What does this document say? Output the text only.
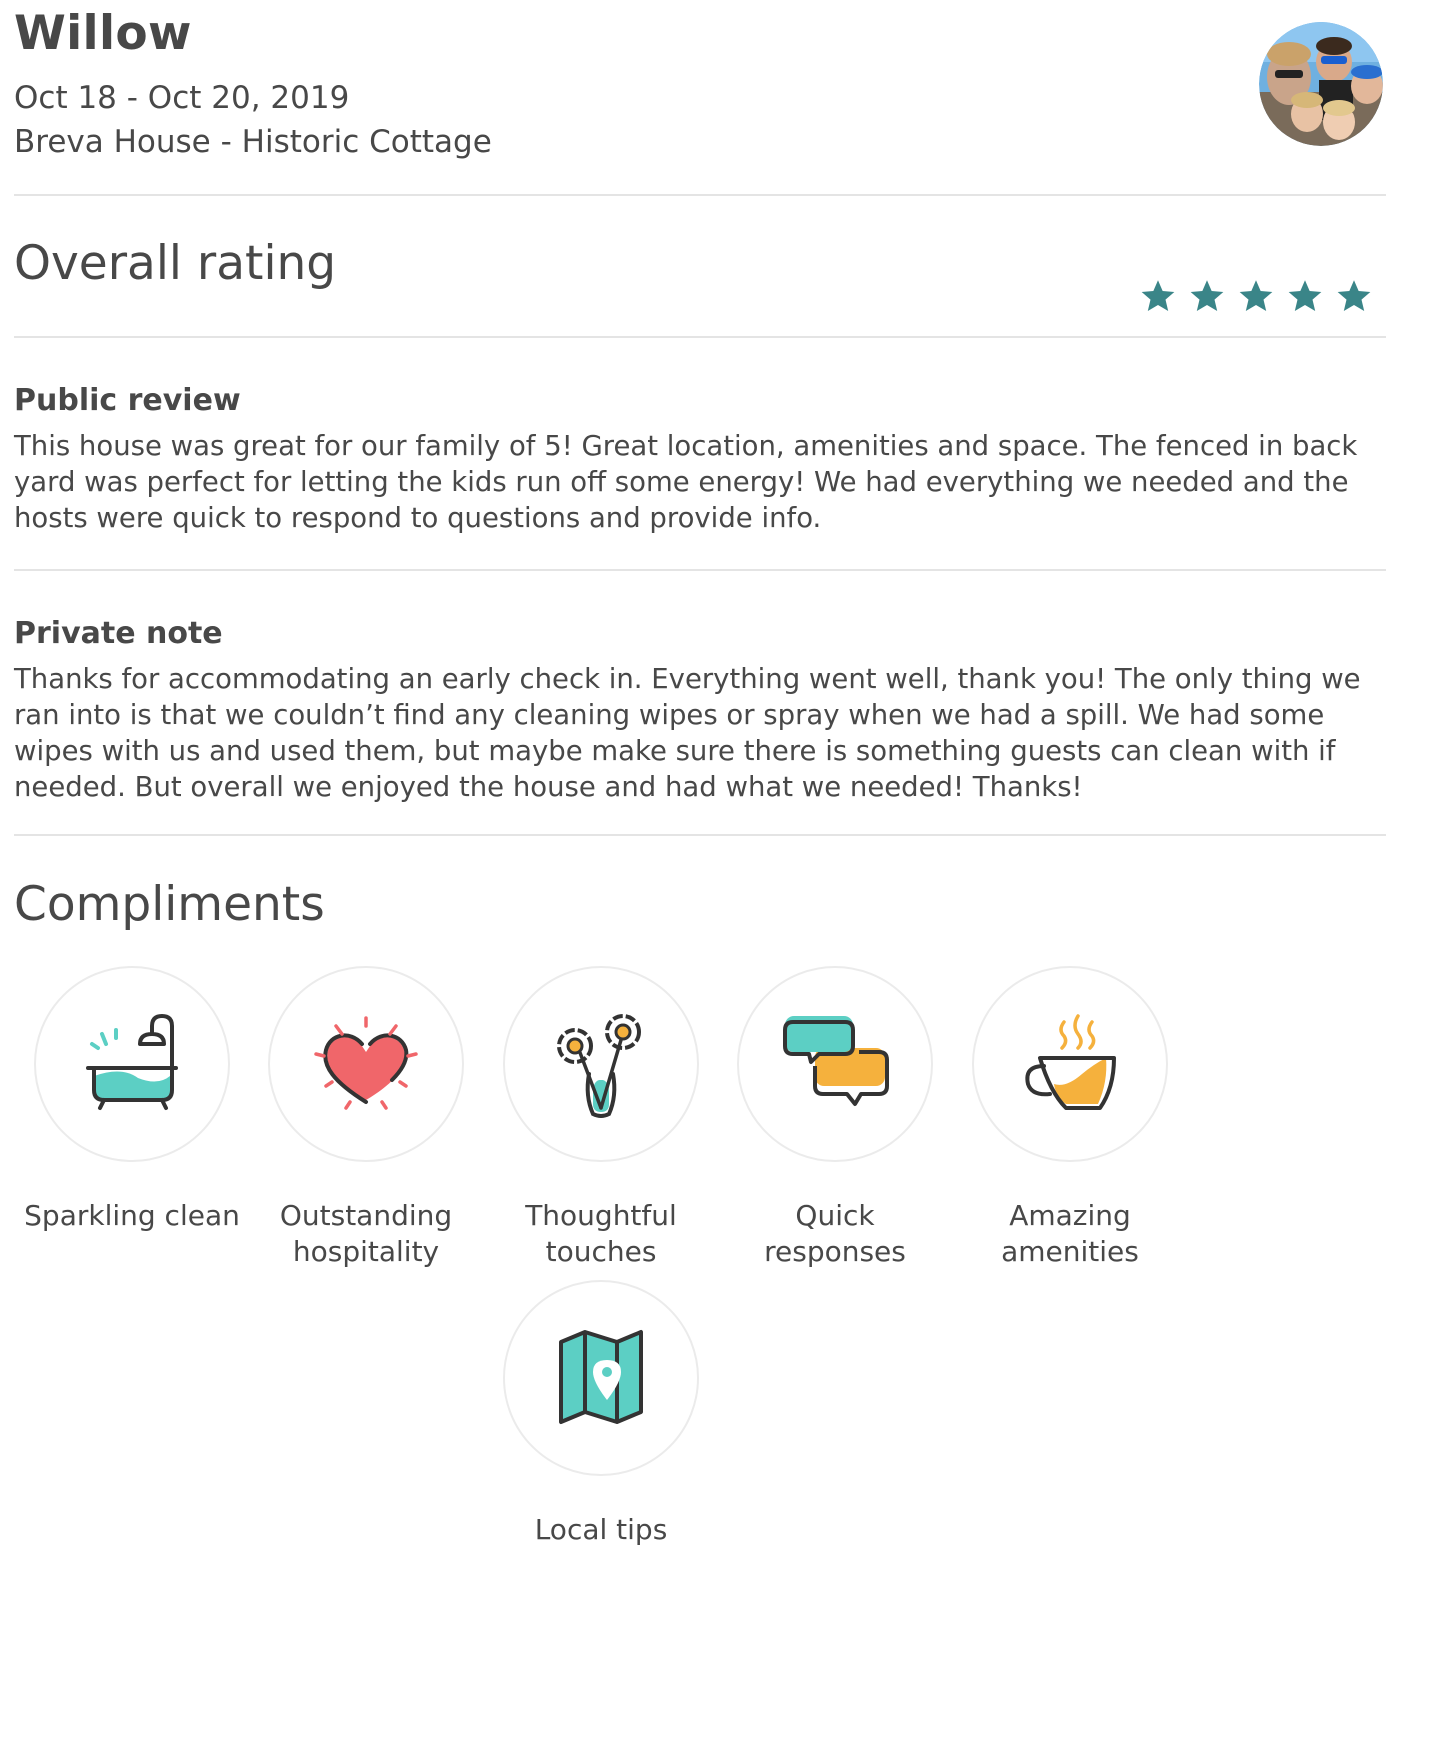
Willow
Oct 18 - Oct 20, 2019
Breva House - Historic Cottage
Overall rating
Public review
This house was great for our family of 5! Great location, amenities and space. The fenced in back yard was perfect for letting the kids run off some energy! We had everything we needed and the hosts were quick to respond to questions and provide info.
Private note
Thanks for accommodating an early check in. Everything went well, thank you! The only thing we ran into is that we couldn’t find any cleaning wipes or spray when we had a spill. We had some wipes with us and used them, but maybe make sure there is something guests can clean with if needed. But overall we enjoyed the house and had what we needed! Thanks!
Compliments
Sparkling clean	Outstanding
hospitality
Thoughtful
touches
Quick
responses
Amazing
amenities
Local tips
